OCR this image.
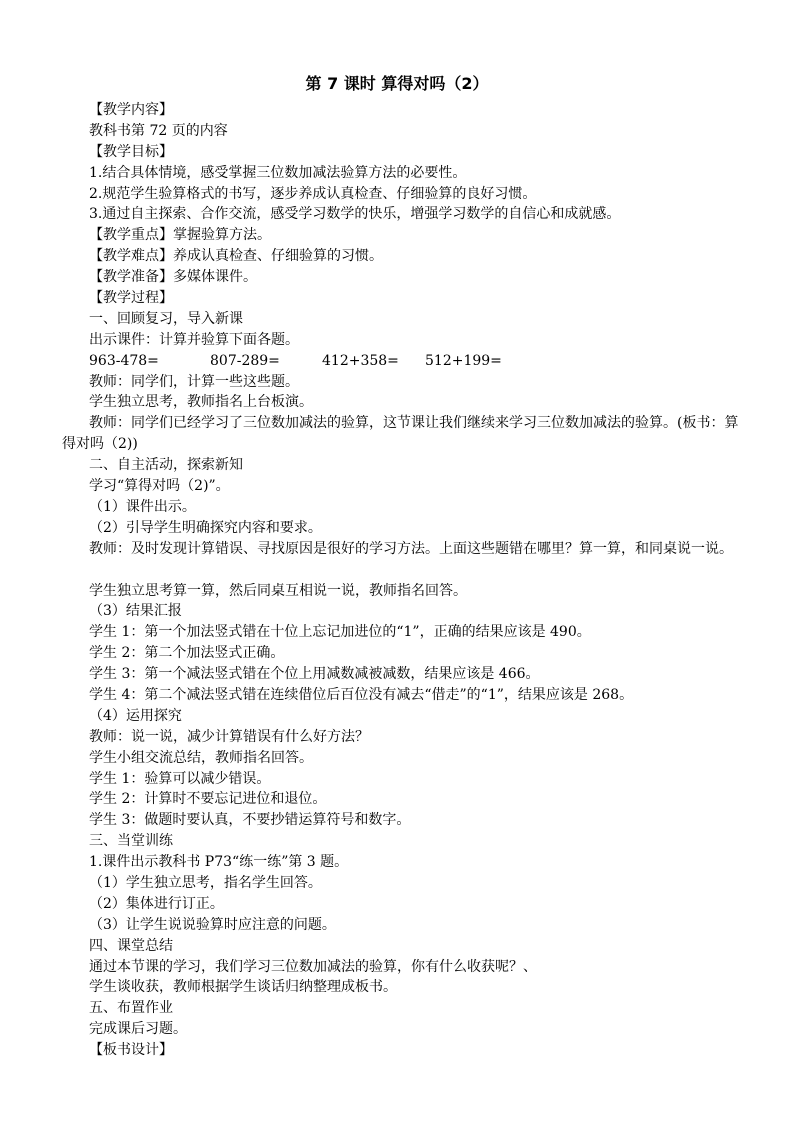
第 7 课时 算得对吗（2）
【教学内容】
教科书第 72 页的内容
【教学目标】
1.结合具体情境，感受掌握三位数加减法验算方法的必要性。
2.规范学生验算格式的书写，逐步养成认真检查、仔细验算的良好习惯。
3.通过自主探索、合作交流，感受学习数学的快乐，增强学习数学的自信心和成就感。
【教学重点】掌握验算方法。
【教学难点】养成认真检查、仔细验算的习惯。
【教学准备】多媒体课件。
【教学过程】
一、回顾复习，导入新课
出示课件：计算并验算下面各题。
963-478=	807-289=	412+358=	512+199=
教师：同学们，计算一些这些题。
学生独立思考，教师指名上台板演。
教师：同学们已经学习了三位数加减法的验算，这节课让我们继续来学习三位数加减法的验算。(板书：算得对吗（2))
二、自主活动，探索新知
学习“算得对吗（2)”。
（1）课件出示。
（2）引导学生明确探究内容和要求。
教师：及时发现计算错误、寻找原因是很好的学习方法。上面这些题错在哪里？算一算，和同桌说一说。
学生独立思考算一算，然后同桌互相说一说，教师指名回答。
（3）结果汇报
学生 1：第一个加法竖式错在十位上忘记加进位的“1”，正确的结果应该是 490。
学生 2：第二个加法竖式正确。
学生 3：第一个减法竖式错在个位上用减数减被减数，结果应该是 466。
学生 4：第二个减法竖式错在连续借位后百位没有减去“借走”的“1”，结果应该是 268。
（4）运用探究
教师：说一说，减少计算错误有什么好方法？
学生小组交流总结，教师指名回答。
学生 1：验算可以减少错误。
学生 2：计算时不要忘记进位和退位。
学生 3：做题时要认真，不要抄错运算符号和数字。
三、当堂训练
1.课件出示教科书 P73“练一练”第 3 题。
（1）学生独立思考，指名学生回答。
（2）集体进行订正。
（3）让学生说说验算时应注意的问题。
四、课堂总结
通过本节课的学习，我们学习三位数加减法的验算，你有什么收获呢？、
学生谈收获，教师根据学生谈话归纳整理成板书。
五、布置作业
完成课后习题。
【板书设计】
